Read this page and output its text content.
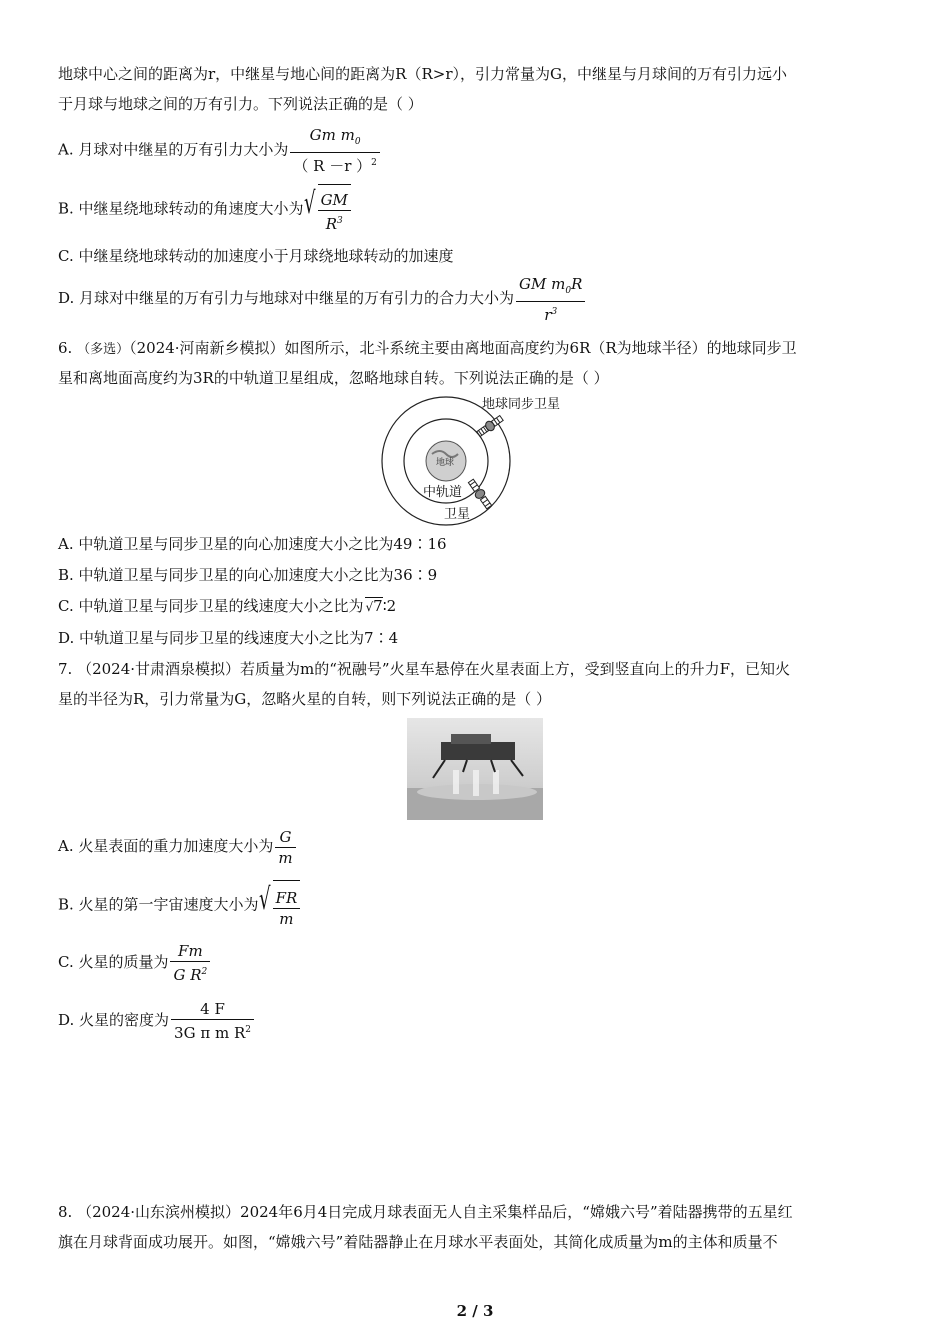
地球中心之间的距离为r，中继星与地心间的距离为R（R>r），引力常量为G，中继星与月球间的万有引力远小
于月球与地球之间的万有引力。下列说法正确的是（ ）
A. 月球对中继星的万有引力大小为 $\frac{Gm m_0}{( R -r )^2}$
B. 中继星绕地球转动的角速度大小为 √ $\frac{GM}{R^3}$
C. 中继星绕地球转动的加速度小于月球绕地球转动的加速度
D. 月球对中继星的万有引力与地球对中继星的万有引力的合力大小为 $\frac{GM m_0R}{r^3}$
6. （多选）（2024·河南新乡模拟）如图所示，北斗系统主要由离地面高度约为6R（R为地球半径）的地球同步卫
星和离地面高度约为3R的中轨道卫星组成，忽略地球自转。下列说法正确的是（ ）
地球同步卫星
地球
中轨道
卫星
A. 中轨道卫星与同步卫星的向心加速度大小之比为49∶16
B. 中轨道卫星与同步卫星的向心加速度大小之比为36∶9
C. 中轨道卫星与同步卫星的线速度大小之比为 √7∶2
D. 中轨道卫星与同步卫星的线速度大小之比为7∶4
7. （2024·甘肃酒泉模拟）若质量为m的“祝融号”火星车悬停在火星表面上方，受到竖直向上的升力F，已知火
星的半径为R，引力常量为G，忽略火星的自转，则下列说法正确的是（ ）
A. 火星表面的重力加速度大小为 $\frac{G}{m}$
B. 火星的第一宇宙速度大小为 √ $\frac{FR}{m}$
C. 火星的质量为 $\frac{Fm}{G R^2}$
D. 火星的密度为 $\frac{4 F}{3G \pi m R^2}$
8. （2024·山东滨州模拟）2024年6月4日完成月球表面无人自主采集样品后，“嫦娥六号”着陆器携带的五星红
旗在月球背面成功展开。如图，“嫦娥六号”着陆器静止在月球水平表面处，其简化成质量为m的主体和质量不
2 / 3
